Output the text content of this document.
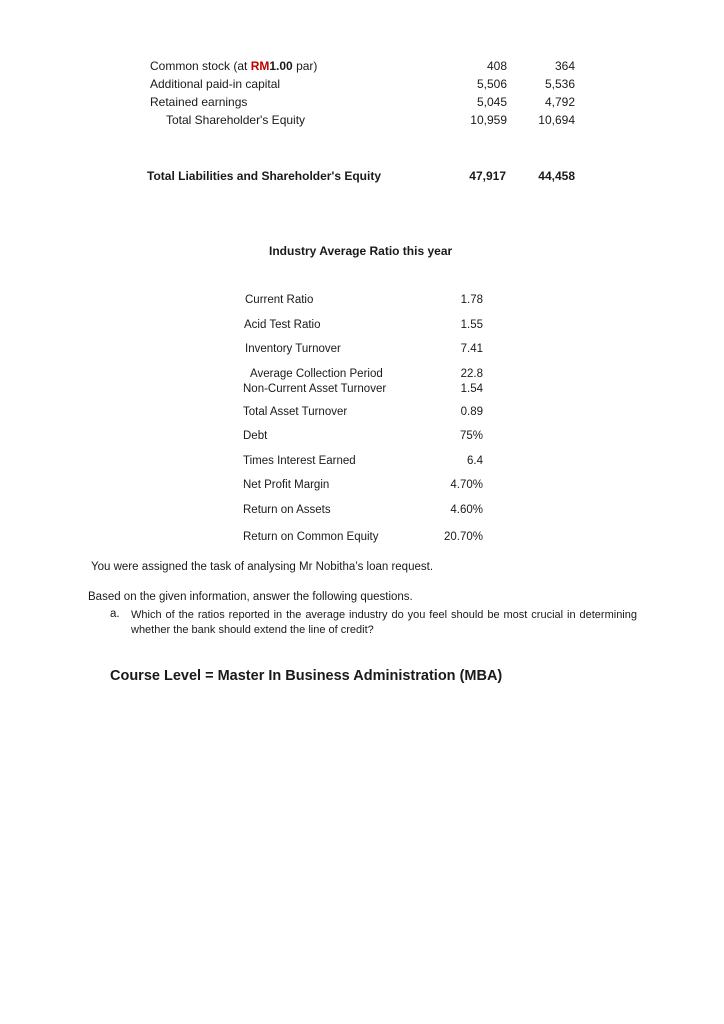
Common stock (at RM1.00 par)	408	364
Additional paid-in capital	5,506	5,536
Retained earnings	5,045	4,792
Total Shareholder's Equity	10,959	10,694
Total Liabilities and Shareholder's Equity	47,917	44,458
Industry Average Ratio this year
Current Ratio	1.78
Acid Test Ratio	1.55
Inventory Turnover	7.41
Average Collection Period	22.8
Non-Current Asset Turnover	1.54
Total Asset Turnover	0.89
Debt	75%
Times Interest Earned	6.4
Net Profit Margin	4.70%
Return on Assets	4.60%
Return on Common Equity	20.70%
You were assigned the task of analysing Mr Nobitha’s loan request.
Based on the given information, answer the following questions.
a. Which of the ratios reported in the average industry do you feel should be most crucial in determining whether the bank should extend the line of credit?
Course Level = Master In Business Administration (MBA)
